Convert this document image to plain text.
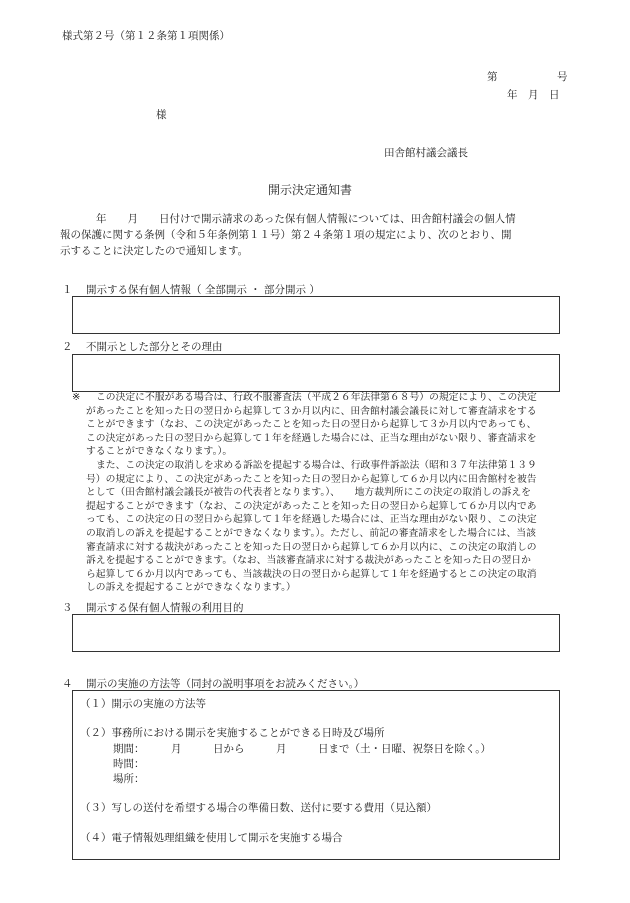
様式第２号（第１２条第１項関係）
第	号
年　月　日
様
田舎館村議会議長
開示決定通知書
年　　月　　日付けで開示請求のあった保有個人情報については、田舎館村議会の個人情
報の保護に関する条例（令和５年条例第１１号）第２４条第１項の規定により、次のとおり、開
示することに決定したので通知します。
１ 開示する保有個人情報（ 全部開示 ・ 部分開示 ）
２ 不開示とした部分とその理由
※ この決定に不服がある場合は、行政不服審査法（平成２６年法律第６８号）の規定により、この決定
があったことを知った日の翌日から起算して３か月以内に、田舎館村議会議長に対して審査請求をする
ことができます（なお、この決定があったことを知った日の翌日から起算して３か月以内であっても、
この決定があった日の翌日から起算して１年を経過した場合には、正当な理由がない限り、審査請求を
することができなくなります。）。
また、この決定の取消しを求める訴訟を提起する場合は、行政事件訴訟法（昭和３７年法律第１３９
号）の規定により、この決定があったことを知った日の翌日から起算して６か月以内に田舎館村を被告
として（田舎館村議会議長が被告の代表者となります。）、　　地方裁判所にこの決定の取消しの訴えを
提起することができます（なお、この決定があったことを知った日の翌日から起算して６か月以内であ
っても、この決定の日の翌日から起算して１年を経過した場合には、正当な理由がない限り、この決定
の取消しの訴えを提起することができなくなります。）。ただし、前記の審査請求をした場合には、当該
審査請求に対する裁決があったことを知った日の翌日から起算して６か月以内に、この決定の取消しの
訴えを提起することができます。（なお、当該審査請求に対する裁決があったことを知った日の翌日か
ら起算して６か月以内であっても、当該裁決の日の翌日から起算して１年を経過するとこの決定の取消
しの訴えを提起することができなくなります。）
３ 開示する保有個人情報の利用目的
４ 開示の実施の方法等（同封の説明事項をお読みください。）
（１）開示の実施の方法等
（２）事務所における開示を実施することができる日時及び場所
期間：	月　　　日から　　　月　　　日まで（土・日曜、祝祭日を除く。）
時間：
場所：
（３）写しの送付を希望する場合の準備日数、送付に要する費用（見込額）
（４）電子情報処理組織を使用して開示を実施する場合
